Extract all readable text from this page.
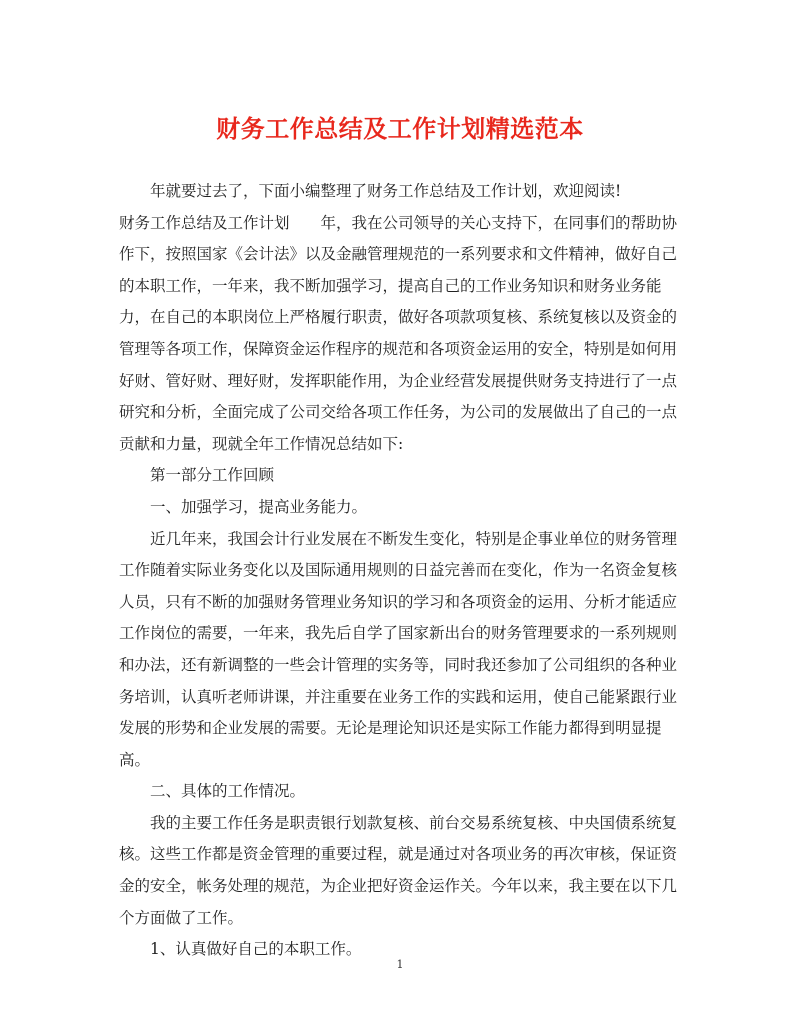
财务工作总结及工作计划精选范本

年就要过去了，下面小编整理了财务工作总结及工作计划，欢迎阅读!

财务工作总结及工作计划　　年，我在公司领导的关心支持下，在同事们的帮助协作下，按照国家《会计法》以及金融管理规范的一系列要求和文件精神，做好自己的本职工作，一年来，我不断加强学习，提高自己的工作业务知识和财务业务能力，在自己的本职岗位上严格履行职责，做好各项款项复核、系统复核以及资金的管理等各项工作，保障资金运作程序的规范和各项资金运用的安全，特别是如何用好财、管好财、理好财，发挥职能作用，为企业经营发展提供财务支持进行了一点研究和分析，全面完成了公司交给各项工作任务，为公司的发展做出了自己的一点贡献和力量，现就全年工作情况总结如下:

第一部分工作回顾

一、加强学习，提高业务能力。

近几年来，我国会计行业发展在不断发生变化，特别是企事业单位的财务管理工作随着实际业务变化以及国际通用规则的日益完善而在变化，作为一名资金复核人员，只有不断的加强财务管理业务知识的学习和各项资金的运用、分析才能适应工作岗位的需要，一年来，我先后自学了国家新出台的财务管理要求的一系列规则和办法，还有新调整的一些会计管理的实务等，同时我还参加了公司组织的各种业务培训，认真听老师讲课，并注重要在业务工作的实践和运用，使自己能紧跟行业发展的形势和企业发展的需要。无论是理论知识还是实际工作能力都得到明显提高。

二、具体的工作情况。

我的主要工作任务是职责银行划款复核、前台交易系统复核、中央国债系统复核。这些工作都是资金管理的重要过程，就是通过对各项业务的再次审核，保证资金的安全，帐务处理的规范，为企业把好资金运作关。今年以来，我主要在以下几个方面做了工作。

1、认真做好自己的本职工作。

1
